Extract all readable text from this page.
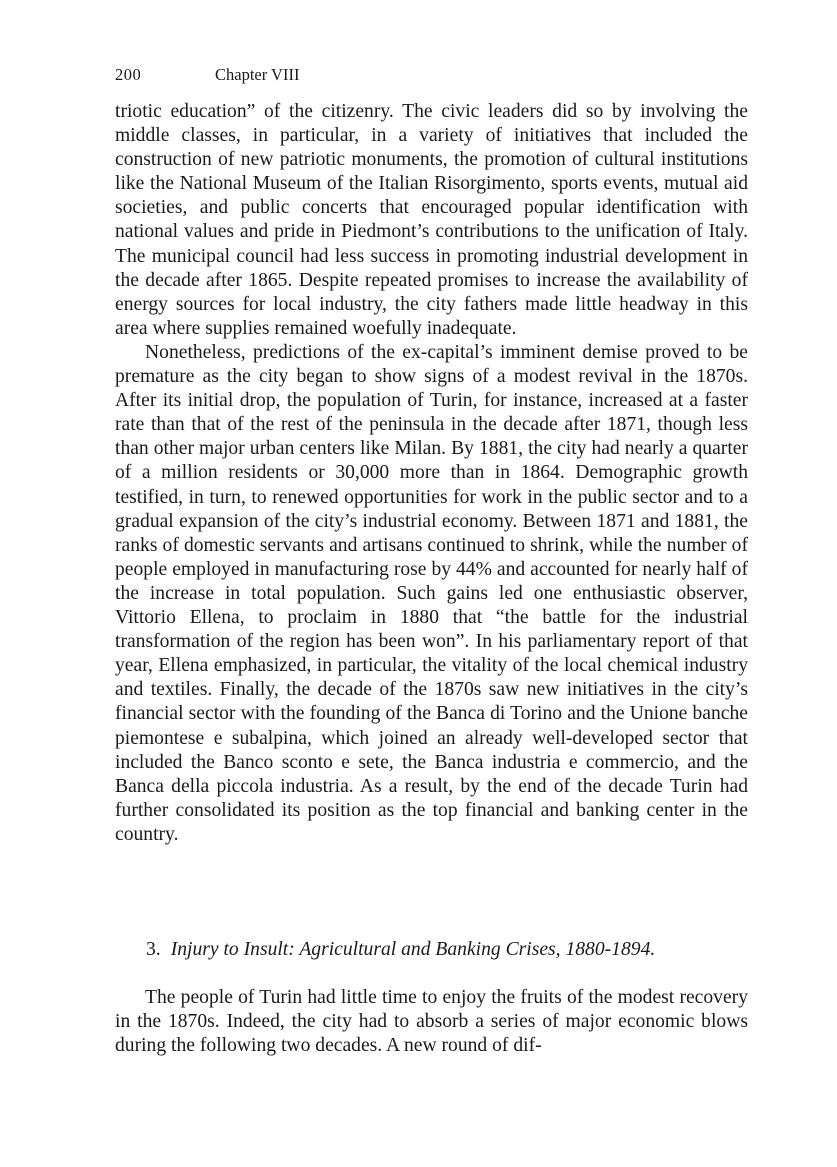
200	Chapter VIII

triotic education” of the citizenry. The civic leaders did so by involving the middle classes, in particular, in a variety of initiatives that included the construction of new patriotic monuments, the promotion of cultural institutions like the National Museum of the Italian Risorgimento, sports events, mutual aid societies, and public concerts that encouraged popular identification with national values and pride in Piedmont’s contributions to the unification of Italy. The municipal council had less success in promoting industrial development in the decade after 1865. Despite repeated promises to increase the availability of energy sources for local industry, the city fathers made little headway in this area where supplies remained woefully inadequate.

Nonetheless, predictions of the ex-capital’s imminent demise proved to be premature as the city began to show signs of a modest revival in the 1870s. After its initial drop, the population of Turin, for instance, increased at a faster rate than that of the rest of the peninsula in the decade after 1871, though less than other major urban centers like Milan. By 1881, the city had nearly a quarter of a million residents or 30,000 more than in 1864. Demographic growth testified, in turn, to renewed opportunities for work in the public sector and to a gradual expansion of the city’s industrial economy. Between 1871 and 1881, the ranks of domestic servants and artisans continued to shrink, while the number of people employed in manufacturing rose by 44% and accounted for nearly half of the increase in total population. Such gains led one enthusiastic observer, Vittorio Ellena, to proclaim in 1880 that “the battle for the industrial transformation of the region has been won”. In his parliamentary report of that year, Ellena emphasized, in particular, the vitality of the local chemical industry and textiles. Finally, the decade of the 1870s saw new initiatives in the city’s financial sector with the founding of the Banca di Torino and the Unione banche piemontese e subalpina, which joined an already well-developed sector that included the Banco sconto e sete, the Banca industria e commercio, and the Banca della piccola industria. As a result, by the end of the decade Turin had further consolidated its position as the top financial and banking center in the country.

3. Injury to Insult: Agricultural and Banking Crises, 1880-1894.

The people of Turin had little time to enjoy the fruits of the modest recovery in the 1870s. Indeed, the city had to absorb a series of major economic blows during the following two decades. A new round of dif-
